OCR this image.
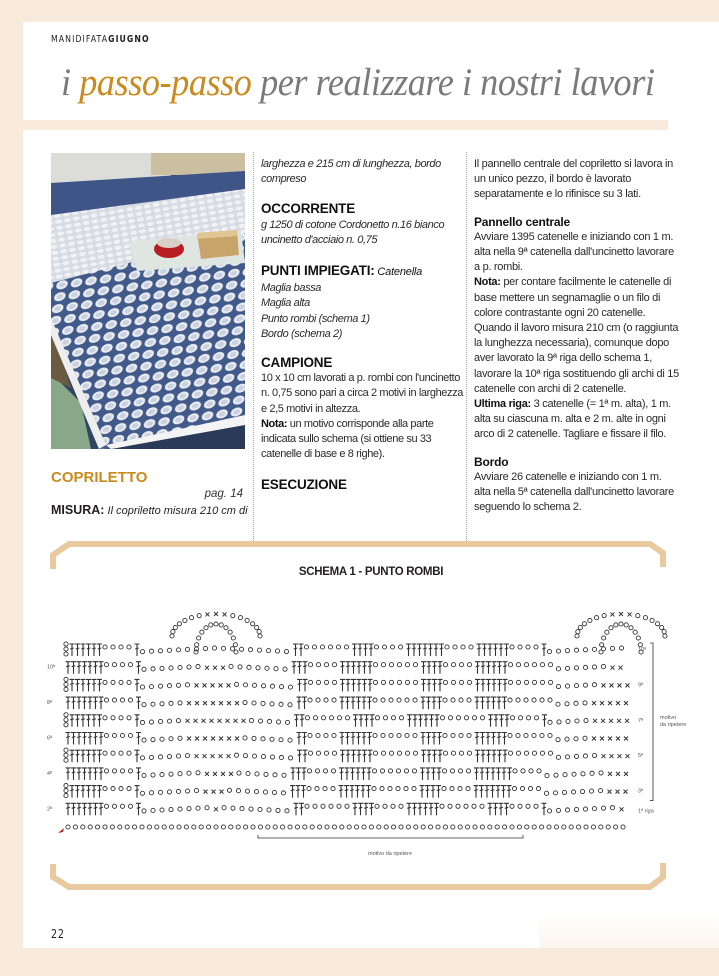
MANIDIFATAGIUGNO
i passo-passo per realizzare i nostri lavori
COPRILETTO
pag. 14
MISURA: Il copriletto misura 210 cm di

larghezza e 215 cm di lunghezza, bordo compreso

OCCORRENTE

g 1250 di cotone Cordonetto n.16 bianco

uncinetto d'acciaio n. 0,75

PUNTI IMPIEGATI: Catenella

Maglia bassa

Maglia alta

Punto rombi (schema 1)

Bordo (schema 2)

CAMPIONE

10 x 10 cm lavorati a p. rombi con l'uncinetto n. 0,75 sono pari a circa 2 motivi in larghezza e 2,5 motivi in altezza.

Nota: un motivo corrisponde alla parte indicata sullo schema (si ottiene su 33 catenelle di base e 8 righe).

ESECUZIONE

Il pannello centrale del copriletto si lavora in un unico pezzo, il bordo è lavorato separatamente e lo rifinisce su 3 lati.

Pannello centrale

Avviare 1395 catenelle e iniziando con 1 m. alta nella 9ª catenella dall'uncinetto lavorare a p. rombi.

Nota: per contare facilmente le catenelle di base mettere un segnamaglie o un filo di colore contrastante ogni 20 catenelle.

Quando il lavoro misura 210 cm (o raggiunta la lunghezza necessaria), comunque dopo aver lavorato la 9ª riga dello schema 1, lavorare la 10ª riga sostituendo gli archi di 15 catenelle con archi di 2 catenelle.

Ultima riga: 3 catenelle (= 1ª m. alta), 1 m. alta su ciascuna m. alta e 2 m. alte in ogni arco di 2 catenelle. Tagliare e fissare il filo.

Bordo

Avviare 26 catenelle e iniziando con 1 m. alta nella 5ª catenella dall'uncinetto lavorare seguendo lo schema 2.

SCHEMA 1 - PUNTO ROMBI
10ª
8ª
6ª
4ª
2ª
10ª
9ª
7ª
5ª
3ª
1ª riga
motivo
da ripetere
motivo da ripetere
22
